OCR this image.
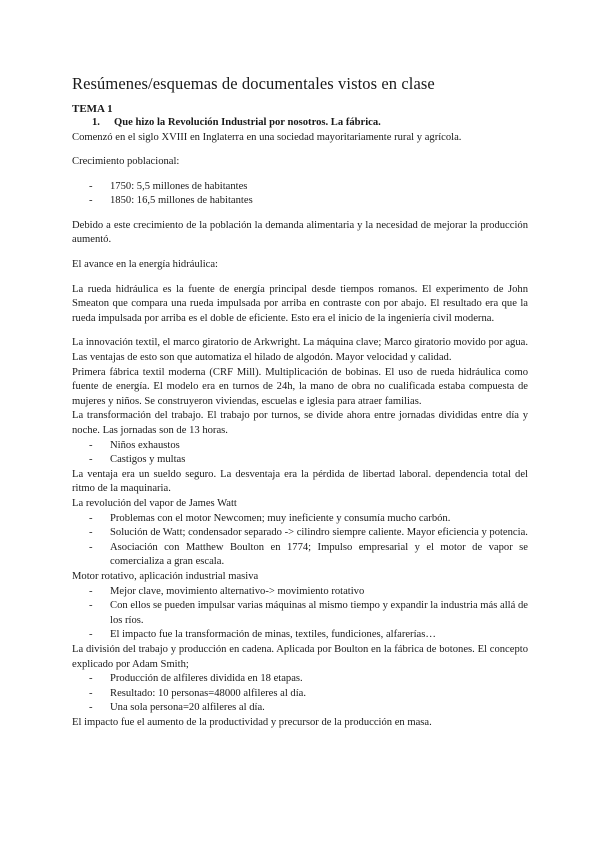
Resúmenes/esquemas de documentales vistos en clase
TEMA 1
1. Que hizo la Revolución Industrial por nosotros. La fábrica.

Comenzó en el siglo XVIII en Inglaterra en una sociedad mayoritariamente rural y agrícola.

Crecimiento poblacional:

-	1750: 5,5 millones de habitantes
-	1850: 16,5 millones de habitantes

Debido a este crecimiento de la población la demanda alimentaria y la necesidad de mejorar la producción aumentó.

El avance en la energía hidráulica:

La rueda hidráulica es la fuente de energía principal desde tiempos romanos. El experimento de John Smeaton que compara una rueda impulsada por arriba en contraste con por abajo. El resultado era que la rueda impulsada por arriba es el doble de eficiente. Esto era el inicio de la ingeniería civil moderna.

La innovación textil, el marco giratorio de Arkwright. La máquina clave; Marco giratorio movido por agua. Las ventajas de esto son que automatiza el hilado de algodón. Mayor velocidad y calidad.

Primera fábrica textil moderna (CRF Mill). Multiplicación de bobinas. El uso de rueda hidráulica como fuente de energía. El modelo era en turnos de 24h, la mano de obra no cualificada estaba compuesta de mujeres y niños. Se construyeron viviendas, escuelas e iglesia para atraer familias.

La transformación del trabajo. El trabajo por turnos, se divide ahora entre jornadas divididas entre día y noche. Las jornadas son de 13 horas.

-	Niños exhaustos
-	Castigos y multas

La ventaja era un sueldo seguro. La desventaja era la pérdida de libertad laboral. dependencia total del ritmo de la maquinaria.

La revolución del vapor de James Watt

-	Problemas con el motor Newcomen; muy ineficiente y consumía mucho carbón.
-	Solución de Watt; condensador separado -> cilindro siempre caliente. Mayor eficiencia y potencia.
-	Asociación con Matthew Boulton en 1774; Impulso empresarial y el motor de vapor se comercializa a gran escala.

Motor rotativo, aplicación industrial masiva

-	Mejor clave, movimiento alternativo-> movimiento rotativo
-	Con ellos se pueden impulsar varias máquinas al mismo tiempo y expandir la industria más allá de los ríos.
-	El impacto fue la transformación de minas, textiles, fundiciones, alfarerías…

La división del trabajo y producción en cadena. Aplicada por Boulton en la fábrica de botones. El concepto explicado por Adam Smith;

-	Producción de alfileres dividida en 18 etapas.
-	Resultado: 10 personas=48000 alfileres al día.
-	Una sola persona=20 alfileres al día.

El impacto fue el aumento de la productividad y precursor de la producción en masa.
